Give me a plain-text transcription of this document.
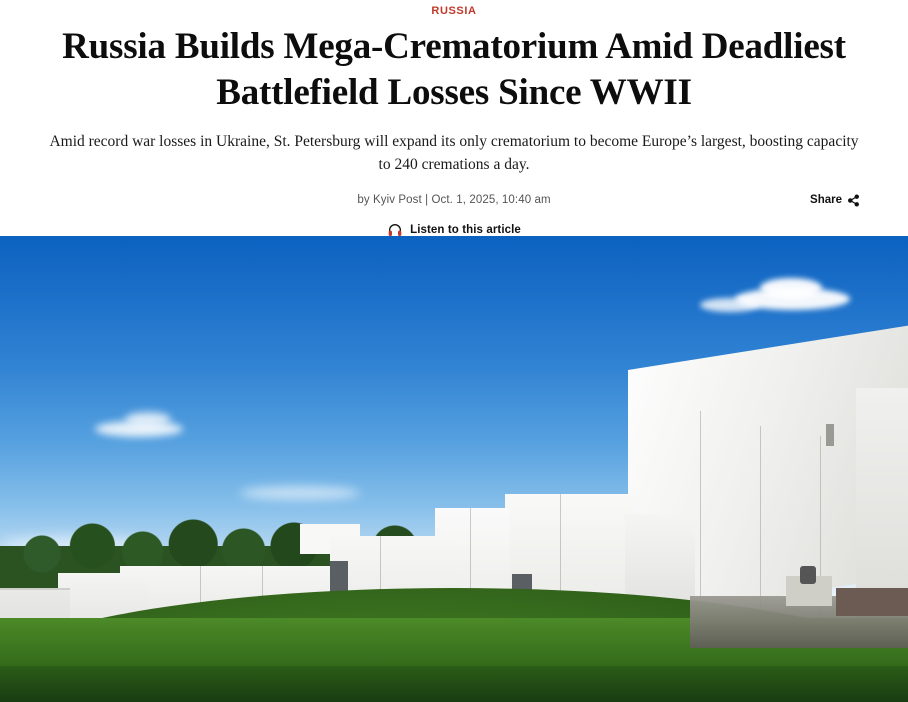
RUSSIA
Russia Builds Mega-Crematorium Amid Deadliest Battlefield Losses Since WWII

Amid record war losses in Ukraine, St. Petersburg will expand its only crematorium to become Europe’s largest, boosting capacity to 240 cremations a day.

by Kyiv Post | Oct. 1, 2025, 10:40 am	Share
Listen to this article
